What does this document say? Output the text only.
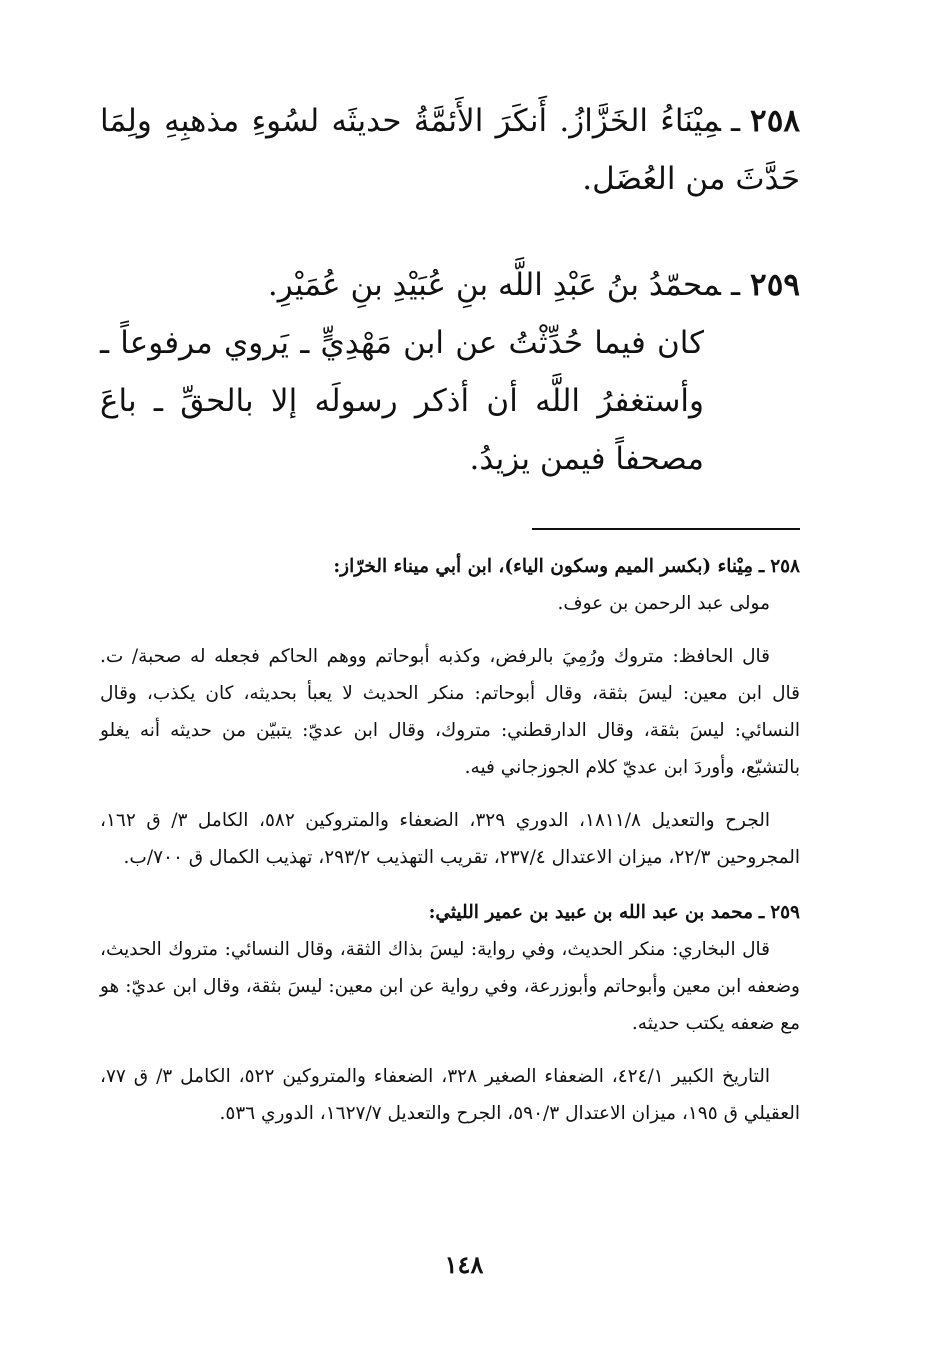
٢٥٨ـمِيْنَاءُ الخَزَّازُ. أَنكَرَ الأَئمَّةُ حديثَه لسُوءِ مذهبِهِ ولِمَا حَدَّثَ من العُضَل.

٢٥٩ـمحمّدُ بنُ عَبْدِ اللَّه بنِ عُبَيْدِ بنِ عُمَيْرِ.
كان فيما حُدِّثْتُ عن ابن مَهْدِيٍّ ـ يَروي مرفوعاً ـ وأستغفرُ اللَّه أن أذكر رسولَه إلا بالحقِّ ـ باعَ مصحفاً فيمن يزيدُ.

٢٥٨ ـ مِيْناء (بكسر الميم وسكون الياء)، ابن أبي ميناء الخرّاز:

مولى عبد الرحمن بن عوف.

قال الحافظ: متروك ورُمِيَ بالرفض، وكذبه أبوحاتم ووهم الحاكم فجعله له صحبة/ ت. قال ابن معين: ليسَ بثقة، وقال أبوحاتم: منكر الحديث لا يعبأ بحديثه، كان يكذب، وقال النسائي: ليسَ بثقة، وقال الدارقطني: متروك، وقال ابن عديّ: يتبيّن من حديثه أنه يغلو بالتشيّع، وأوردَ ابن عديّ كلام الجوزجاني فيه.

الجرح والتعديل ١٨١١/٨، الدوري ٣٢٩، الضعفاء والمتروكين ٥٨٢، الكامل ٣/ ق ١٦٢، المجروحين ٢٢/٣، ميزان الاعتدال ٢٣٧/٤، تقريب التهذيب ٢٩٣/٢، تهذيب الكمال ق ٧٠٠/ب.

٢٥٩ ـ محمد بن عبد الله بن عبيد بن عمير الليثي:

قال البخاري: منكر الحديث، وفي رواية: ليسَ بذاك الثقة، وقال النسائي: متروك الحديث، وضعفه ابن معين وأبوحاتم وأبوزرعة، وفي رواية عن ابن معين: ليسَ بثقة، وقال ابن عديّ: هو مع ضعفه يكتب حديثه.

التاريخ الكبير ٤٢٤/١، الضعفاء الصغير ٣٢٨، الضعفاء والمتروكين ٥٢٢، الكامل ٣/ ق ٧٧، العقيلي ق ١٩٥، ميزان الاعتدال ٥٩٠/٣، الجرح والتعديل ١٦٢٧/٧، الدوري ٥٣٦.

١٤٨
